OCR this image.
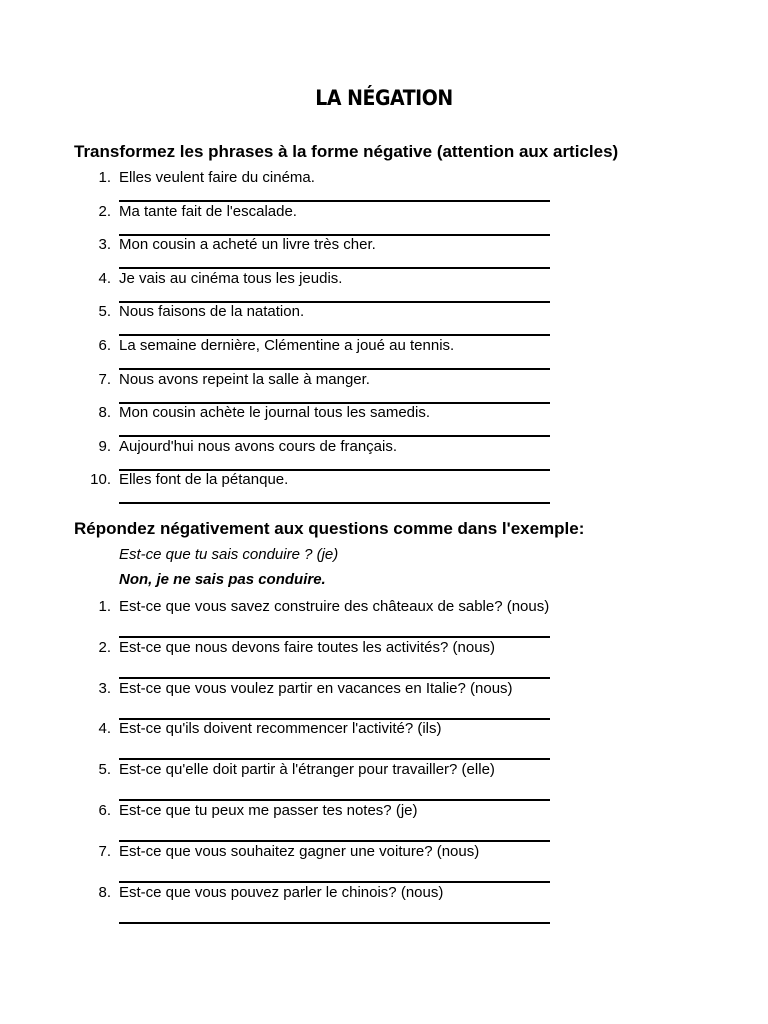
LA NÉGATION
Transformez les phrases à la forme négative (attention aux articles)
1. Elles veulent faire du cinéma.
2. Ma tante fait de l'escalade.
3. Mon cousin a acheté un livre très cher.
4. Je vais au cinéma tous les jeudis.
5. Nous faisons de la natation.
6. La semaine dernière, Clémentine a joué au tennis.
7. Nous avons repeint la salle à manger.
8. Mon cousin achète le journal tous les samedis.
9. Aujourd'hui nous avons cours de français.
10. Elles font de la pétanque.
Répondez négativement aux questions comme dans l'exemple:
Est-ce que tu sais conduire ? (je)
Non, je ne sais pas conduire.
1. Est-ce que vous savez construire des châteaux de sable? (nous)
2. Est-ce que nous devons faire toutes les activités? (nous)
3. Est-ce que vous voulez partir en vacances en Italie? (nous)
4. Est-ce qu'ils doivent recommencer l'activité? (ils)
5. Est-ce qu'elle doit partir à l'étranger pour travailler? (elle)
6. Est-ce que tu peux me passer tes notes? (je)
7. Est-ce que vous souhaitez gagner une voiture? (nous)
8. Est-ce que vous pouvez parler le chinois? (nous)
